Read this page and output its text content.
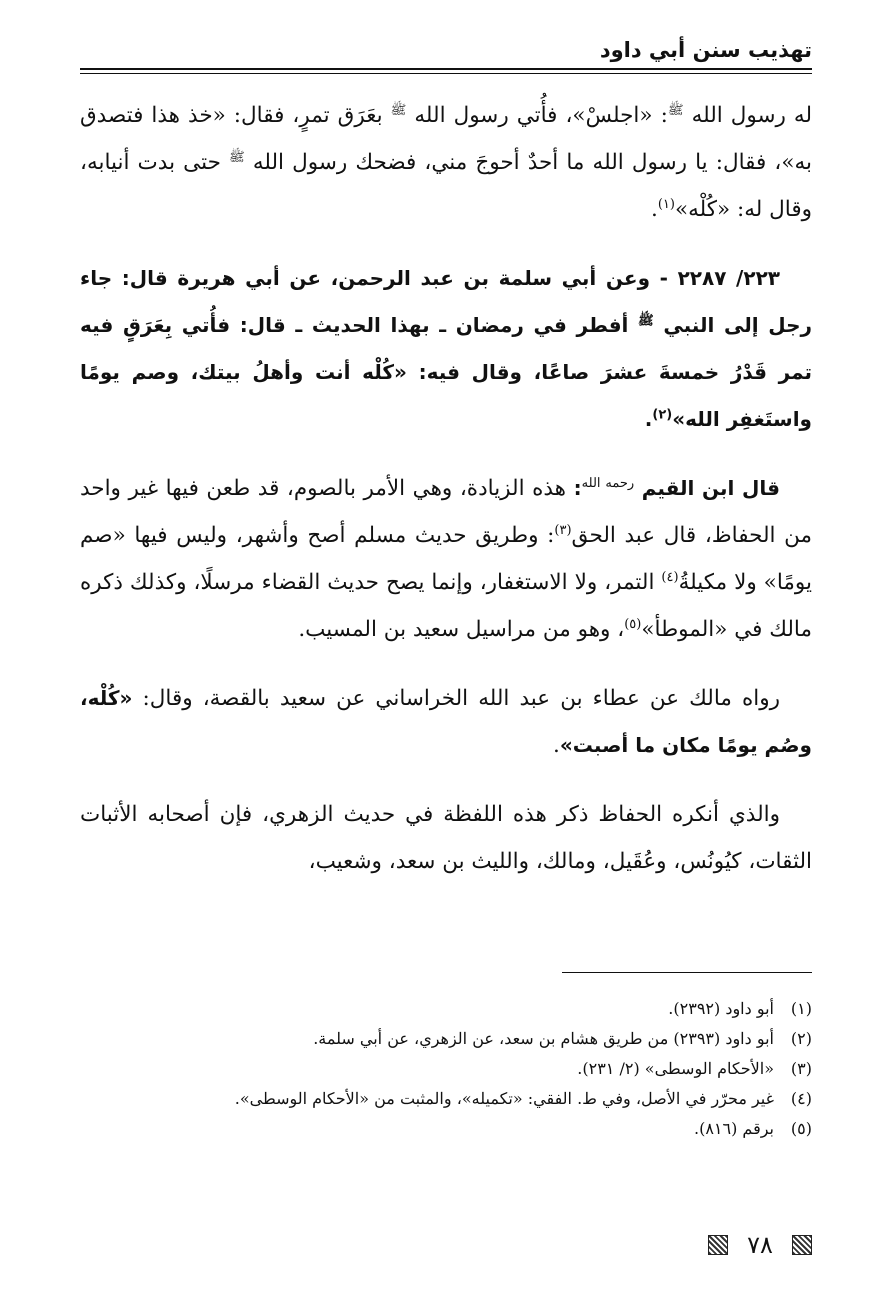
تهذيب سنن أبي داود

له رسول الله $^ﷺ$: «اجلسْ»، فأُتي رسول الله $^ﷺ$ بعَرَق تمرٍ، فقال: «خذ هذا فتصدق به»، فقال: يا رسول الله ما أحدٌ أحوجَ مني، فضحك رسول الله $^ﷺ$ حتى بدت أنيابه، وقال له: «كُلْه»$^{(١)}$.

٢٢٣/ ٢٢٨٧ - وعن أبي سلمة بن عبد الرحمن، عن أبي هريرة قال: جاء رجل إلى النبي $^ﷺ$ أفطر في رمضان ـ بهذا الحديث ـ قال: فأُتي بِعَرَقٍ فيه تمر قَدْرُ خمسةَ عشرَ صاعًا، وقال فيه: «كُلْه أنت وأهلُ بيتك، وصم يومًا واستَغفِر الله»$^{(٢)}$.

قال ابن القيم $^{رحمه الله}$: هذه الزيادة، وهي الأمر بالصوم، قد طعن فيها غير واحد من الحفاظ، قال عبد الحق$^{(٣)}$: وطريق حديث مسلم أصح وأشهر، وليس فيها «صم يومًا» ولا مكيلةُ$^{(٤)}$ التمر، ولا الاستغفار، وإنما يصح حديث القضاء مرسلًا، وكذلك ذكره مالك في «الموطأ»$^{(٥)}$، وهو من مراسيل سعيد بن المسيب.

رواه مالك عن عطاء بن عبد الله الخراساني عن سعيد بالقصة، وقال: «كُلْه، وصُم يومًا مكان ما أصبت».

والذي أنكره الحفاظ ذكر هذه اللفظة في حديث الزهري، فإن أصحابه الأثبات الثقات، كيُونُس، وعُقَيل، ومالك، والليث بن سعد، وشعيب،

(١)
أبو داود (٢٣٩٢).
(٢)
أبو داود (٢٣٩٣) من طريق هشام بن سعد، عن الزهري، عن أبي سلمة.
(٣)
«الأحكام الوسطى» (٢/ ٢٣١).
(٤)
غير محرّر في الأصل، وفي ط. الفقي: «تكميله»، والمثبت من «الأحكام الوسطى».
(٥)
برقم (٨١٦).
٧٨
